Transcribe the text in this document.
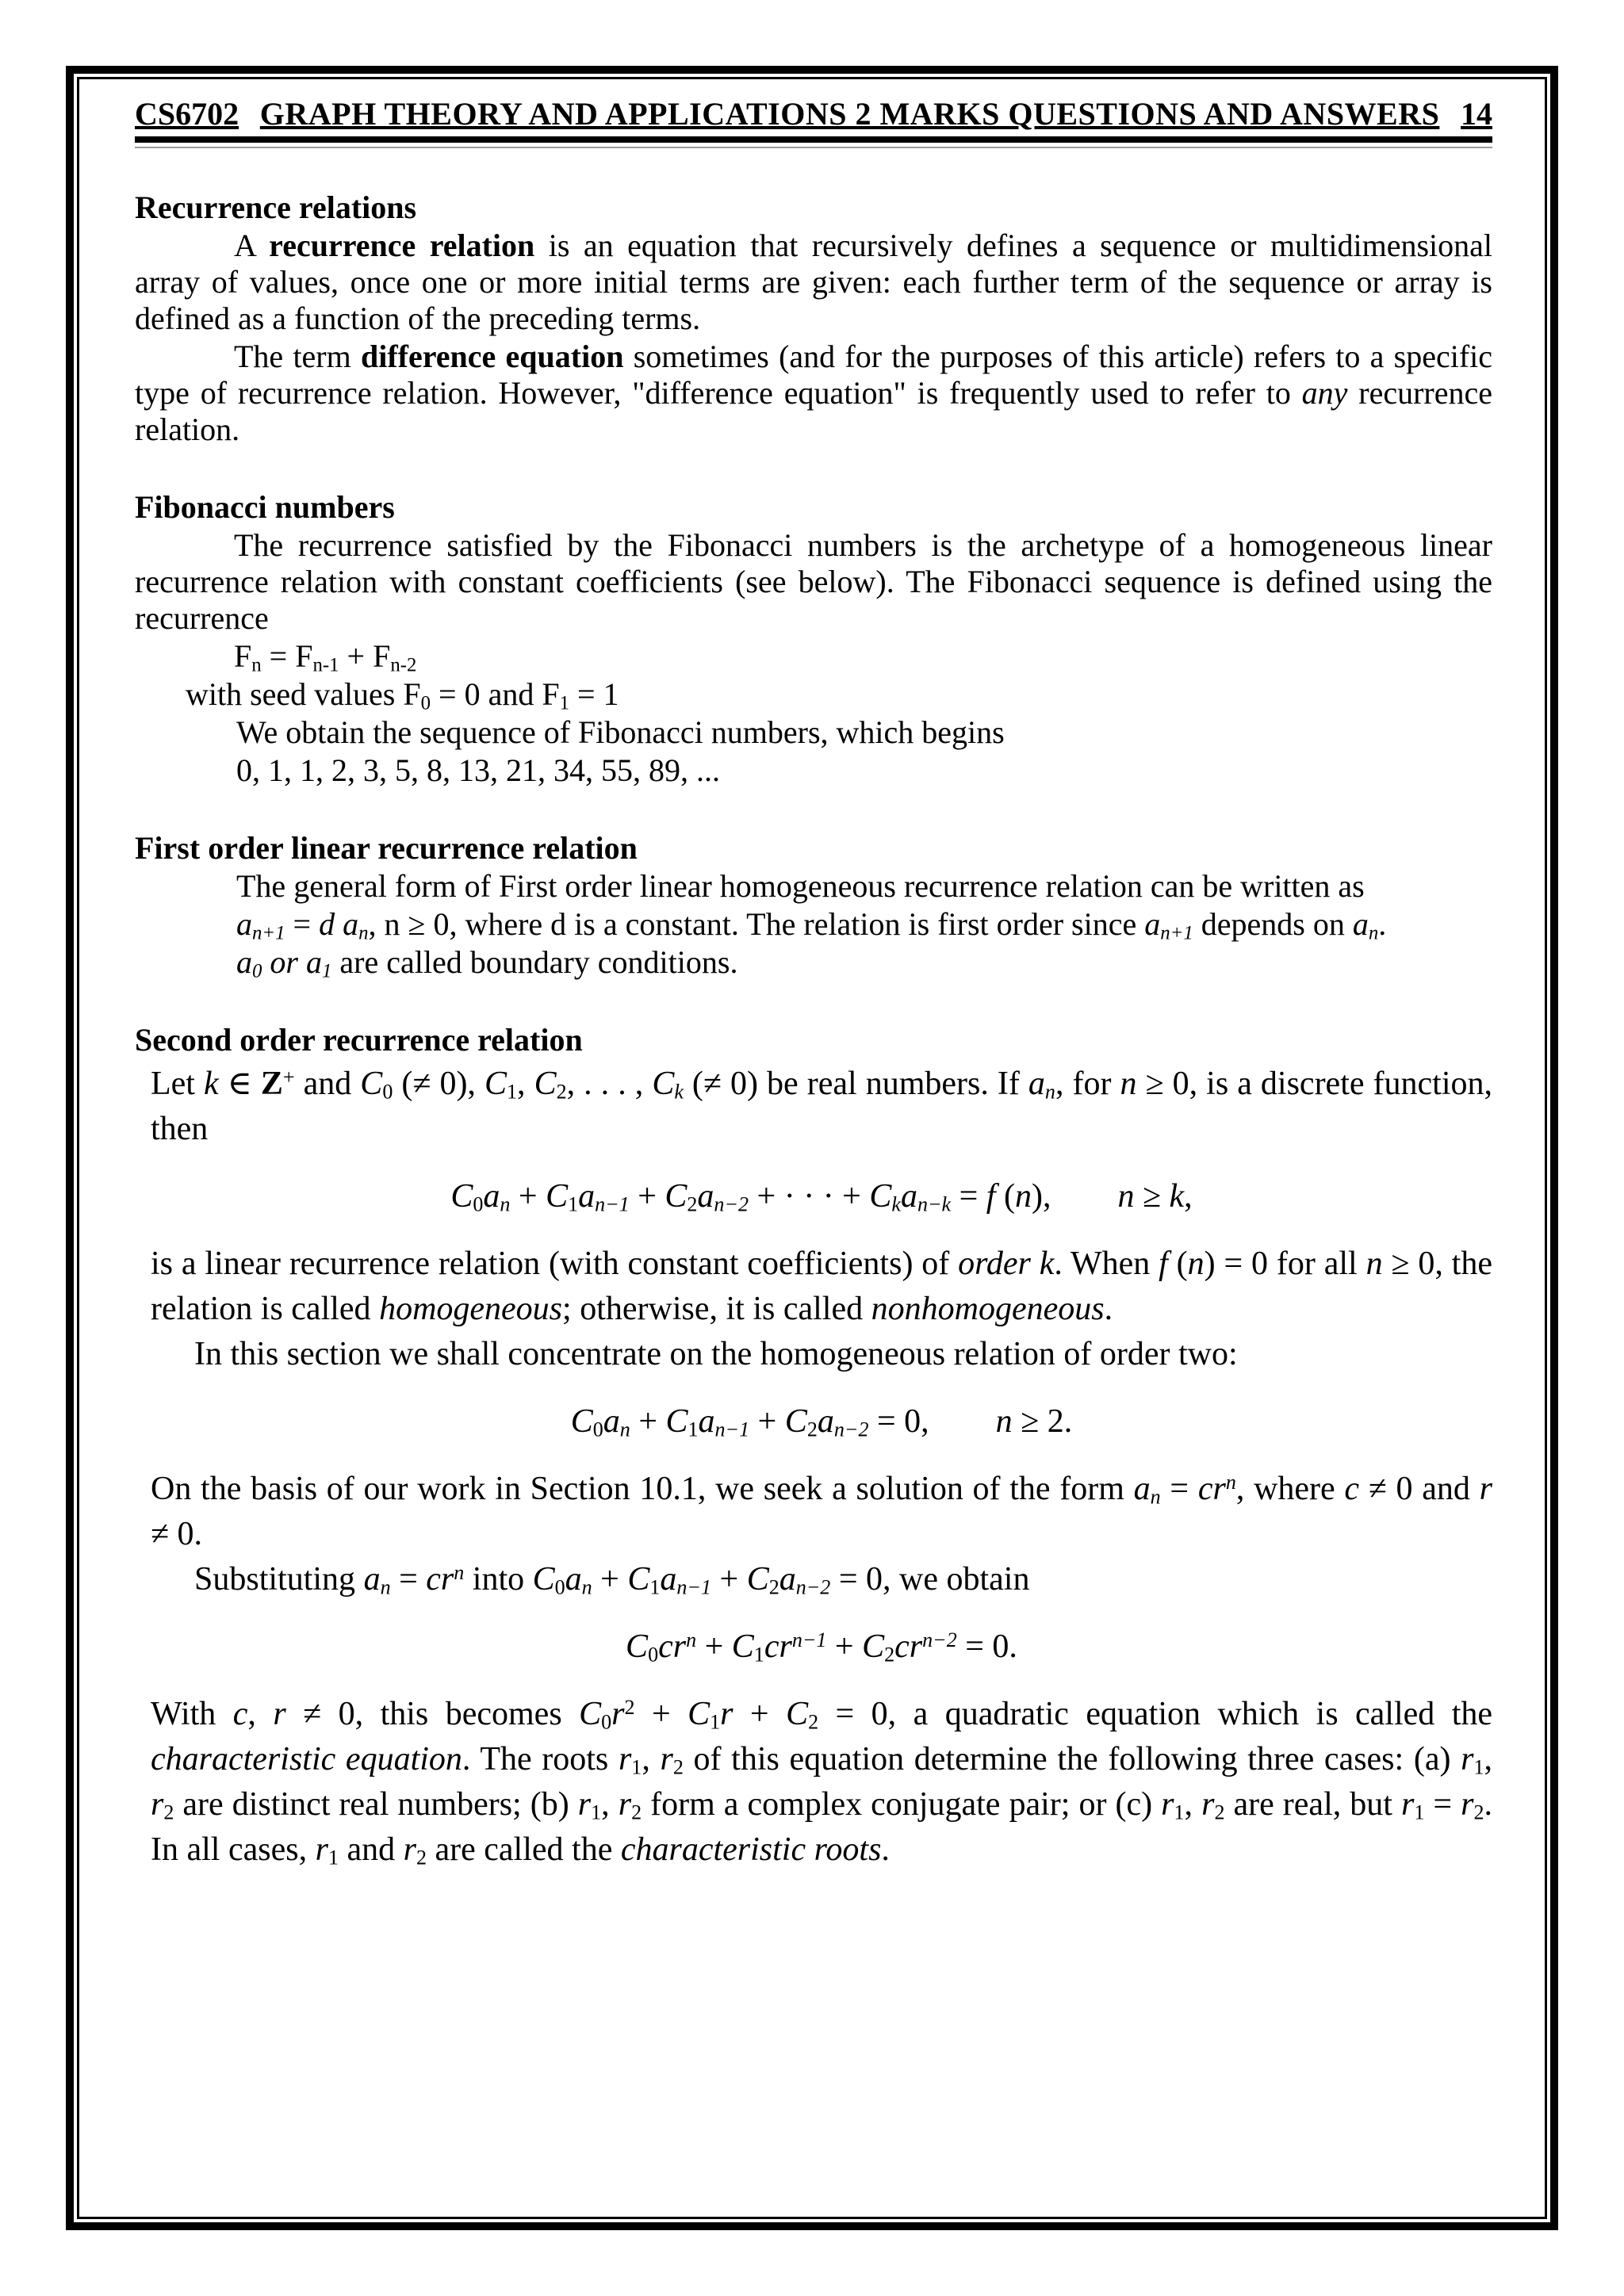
CS6702 GRAPH THEORY AND APPLICATIONS 2 MARKS QUESTIONS AND ANSWERS 14
Recurrence relations
A recurrence relation is an equation that recursively defines a sequence or multidimensional array of values, once one or more initial terms are given: each further term of the sequence or array is defined as a function of the preceding terms.
The term difference equation sometimes (and for the purposes of this article) refers to a specific type of recurrence relation. However, "difference equation" is frequently used to refer to any recurrence relation.
Fibonacci numbers
The recurrence satisfied by the Fibonacci numbers is the archetype of a homogeneous linear recurrence relation with constant coefficients (see below). The Fibonacci sequence is defined using the recurrence
$F_n = F_{n-1} + F_{n-2}$
with seed values $F_0 = 0$ and $F_1 = 1$
We obtain the sequence of Fibonacci numbers, which begins
0, 1, 1, 2, 3, 5, 8, 13, 21, 34, 55, 89, ...
First order linear recurrence relation
The general form of First order linear homogeneous recurrence relation can be written as
$a_{n+1} = d$ $a_n$, n ≥ 0, where d is a constant. The relation is first order since $a_{n+1}$ depends on $a_n$.
$a_0$ or $a_1$ are called boundary conditions.
Second order recurrence relation
Let k ∈ Z+ and $C_0$ (≠ 0), $C_1$, $C_2$, . . . , $C_k$ (≠ 0) be real numbers. If $a_n$, for n ≥ 0, is a discrete function, then
$C_0a_n + C_1a_{n-1} + C_2a_{n-2}$ + · · · + $C_ka_{n-k} = f$ (n), n ≥ k,
is a linear recurrence relation (with constant coefficients) of order k. When f (n) = 0 for all n ≥ 0, the relation is called homogeneous; otherwise, it is called nonhomogeneous.
In this section we shall concentrate on the homogeneous relation of order two:
$C_0a_n + C_1a_{n-1} + C_2a_{n-2} = 0$, n ≥ 2.
On the basis of our work in Section 10.1, we seek a solution of the form $a_n = cr^n$, where c ≠ 0 and r ≠ 0.
Substituting $a_n = cr^n$ into $C_0a_n + C_1a_{n-1} + C_2a_{n-2} = 0$, we obtain
$C_0cr^n + C_1cr^{n-1} + C_2cr^{n-2} = 0$.
With c, r ≠ 0, this becomes $C_0r^2 + C_1r + C_2 = 0$, a quadratic equation which is called the characteristic equation. The roots $r_1$, $r_2$ of this equation determine the following three cases: (a) $r_1$, $r_2$ are distinct real numbers; (b) $r_1$, $r_2$ form a complex conjugate pair; or (c) $r_1$, $r_2$ are real, but $r_1 = r_2$. In all cases, $r_1$ and $r_2$ are called the characteristic roots.
